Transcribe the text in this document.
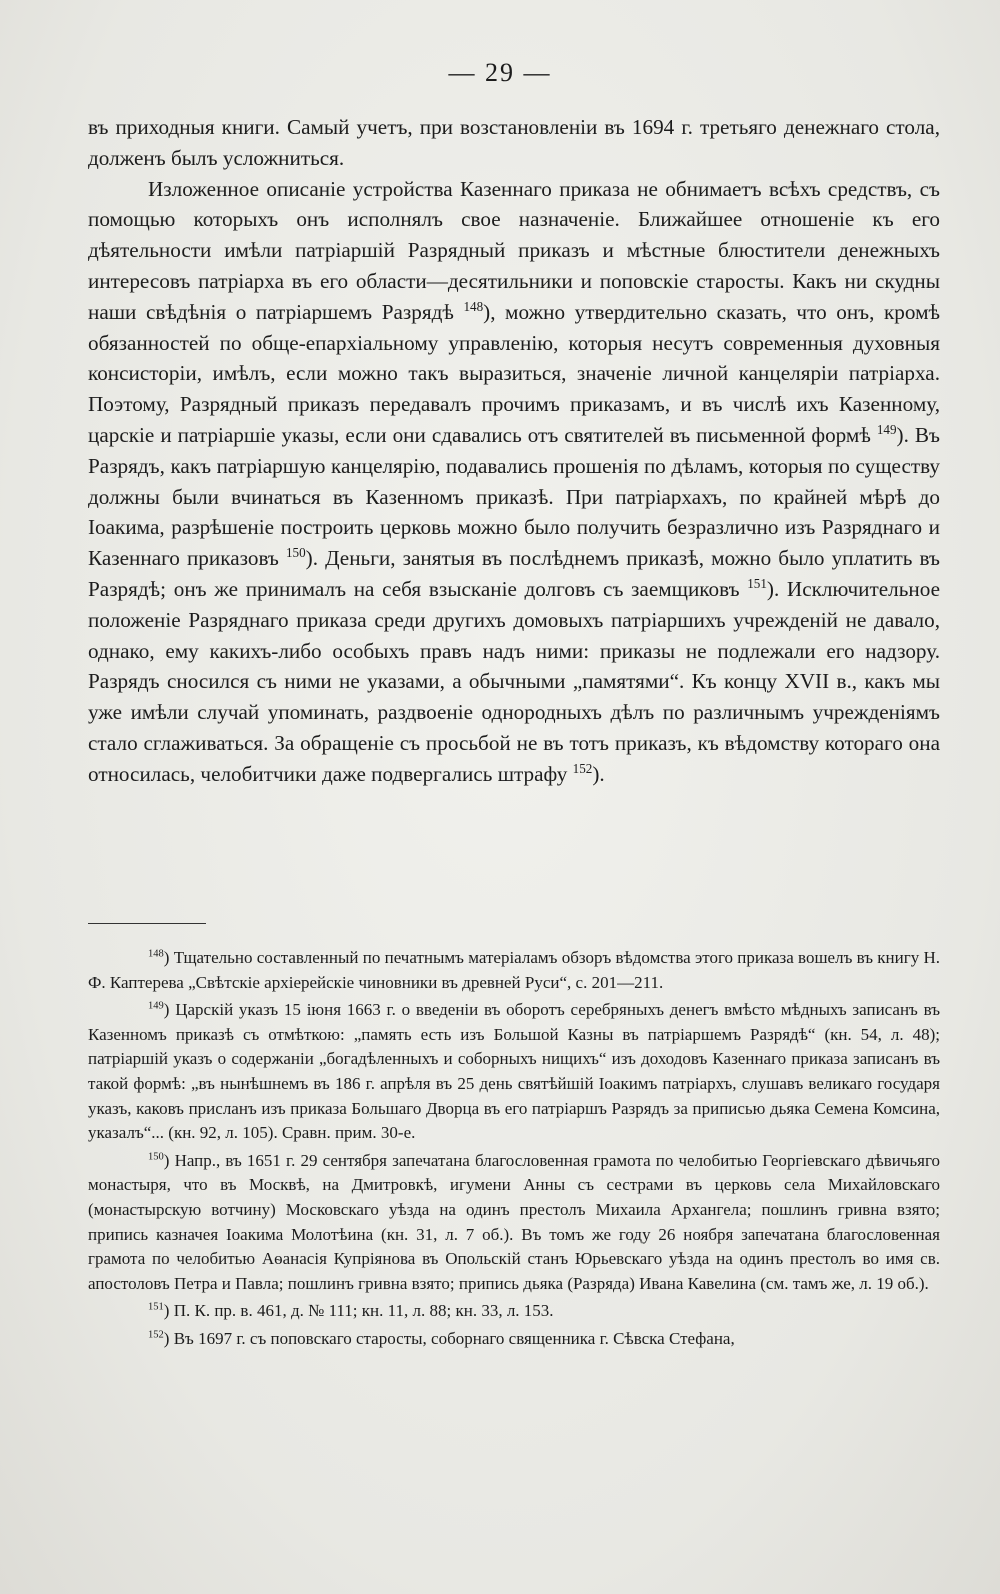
— 29 —

въ приходныя книги. Самый учетъ, при возстановленіи въ 1694 г. третьяго денежнаго стола, долженъ былъ усложниться.

Изложенное описаніе устройства Казеннаго приказа не обнимаетъ всѣхъ средствъ, съ помощью которыхъ онъ исполнялъ свое назначеніе. Ближайшее отношеніе къ его дѣятельности имѣли патріаршій Разрядный приказъ и мѣстные блюстители денежныхъ интересовъ патріарха въ его области—десятильники и поповскіе старосты. Какъ ни скудны наши свѣдѣнія о патріаршемъ Разрядѣ $^{148}$), можно утвердительно сказать, что онъ, кромѣ обязанностей по обще-епархіальному управленію, которыя несутъ современныя духовныя консисторіи, имѣлъ, если можно такъ выразиться, значеніе личной канцеляріи патріарха. Поэтому, Разрядный приказъ передавалъ прочимъ приказамъ, и въ числѣ ихъ Казенному, царскіе и патріаршіе указы, если они сдавались отъ святителей въ письменной формѣ $^{149}$). Въ Разрядъ, какъ патріаршую канцелярію, подавались прошенія по дѣламъ, которыя по существу должны были вчинаться въ Казенномъ приказѣ. При патріархахъ, по крайней мѣрѣ до Іоакима, разрѣшеніе построить церковь можно было получить безразлично изъ Разряднаго и Казеннаго приказовъ $^{150}$). Деньги, занятыя въ послѣднемъ приказѣ, можно было уплатить въ Разрядѣ; онъ же принималъ на себя взысканіе долговъ съ заемщиковъ $^{151}$). Исключительное положеніе Разряднаго приказа среди другихъ домовыхъ патріаршихъ учрежденій не давало, однако, ему какихъ-либо особыхъ правъ надъ ними: приказы не подлежали его надзору. Разрядъ сносился съ ними не указами, а обычными „памятями“. Къ концу XVII в., какъ мы уже имѣли случай упоминать, раздвоеніе однородныхъ дѣлъ по различнымъ учрежденіямъ стало сглаживаться. За обращеніе съ просьбой не въ тотъ приказъ, къ вѣдомству котораго она относилась, челобитчики даже подвергались штрафу $^{152}$).

$^{148}$) Тщательно составленный по печатнымъ матеріаламъ обзоръ вѣдомства этого приказа вошелъ въ книгу Н. Ф. Каптерева „Свѣтскіе архіерейскіе чиновники въ древней Руси“, с. 201—211.

$^{149}$) Царскій указъ 15 іюня 1663 г. о введеніи въ оборотъ серебряныхъ денегъ вмѣсто мѣдныхъ записанъ въ Казенномъ приказѣ съ отмѣткою: „память есть изъ Большой Казны въ патріаршемъ Разрядѣ“ (кн. 54, л. 48); патріаршій указъ о содержаніи „богадѣленныхъ и соборныхъ нищихъ“ изъ доходовъ Казеннаго приказа записанъ въ такой формѣ: „въ нынѣшнемъ въ 186 г. апрѣля въ 25 день святѣйшій Іоакимъ патріархъ, слушавъ великаго государя указъ, каковъ присланъ изъ приказа Большаго Дворца въ его патріаршъ Разрядъ за приписью дьяка Семена Комсина, указалъ“... (кн. 92, л. 105). Сравн. прим. 30-е.

$^{150}$) Напр., въ 1651 г. 29 сентября запечатана благословенная грамота по челобитью Георгіевскаго дѣвичьяго монастыря, что въ Москвѣ, на Дмитровкѣ, игумени Анны съ сестрами въ церковь села Михайловскаго (монастырскую вотчину) Московскаго уѣзда на одинъ престолъ Михаила Архангела; пошлинъ гривна взято; припись казначея Іоакима Молотѣина (кн. 31, л. 7 об.). Въ томъ же году 26 ноября запечатана благословенная грамота по челобитью Аѳанасія Купріянова въ Опольскій станъ Юрьевскаго уѣзда на одинъ престолъ во имя св. апостоловъ Петра и Павла; пошлинъ гривна взято; припись дьяка (Разряда) Ивана Кавелина (см. тамъ же, л. 19 об.).

$^{151}$) П. К. пр. в. 461, д. № 111; кн. 11, л. 88; кн. 33, л. 153.

$^{152}$) Въ 1697 г. съ поповскаго старосты, соборнаго священника г. Сѣвска Стефана,
